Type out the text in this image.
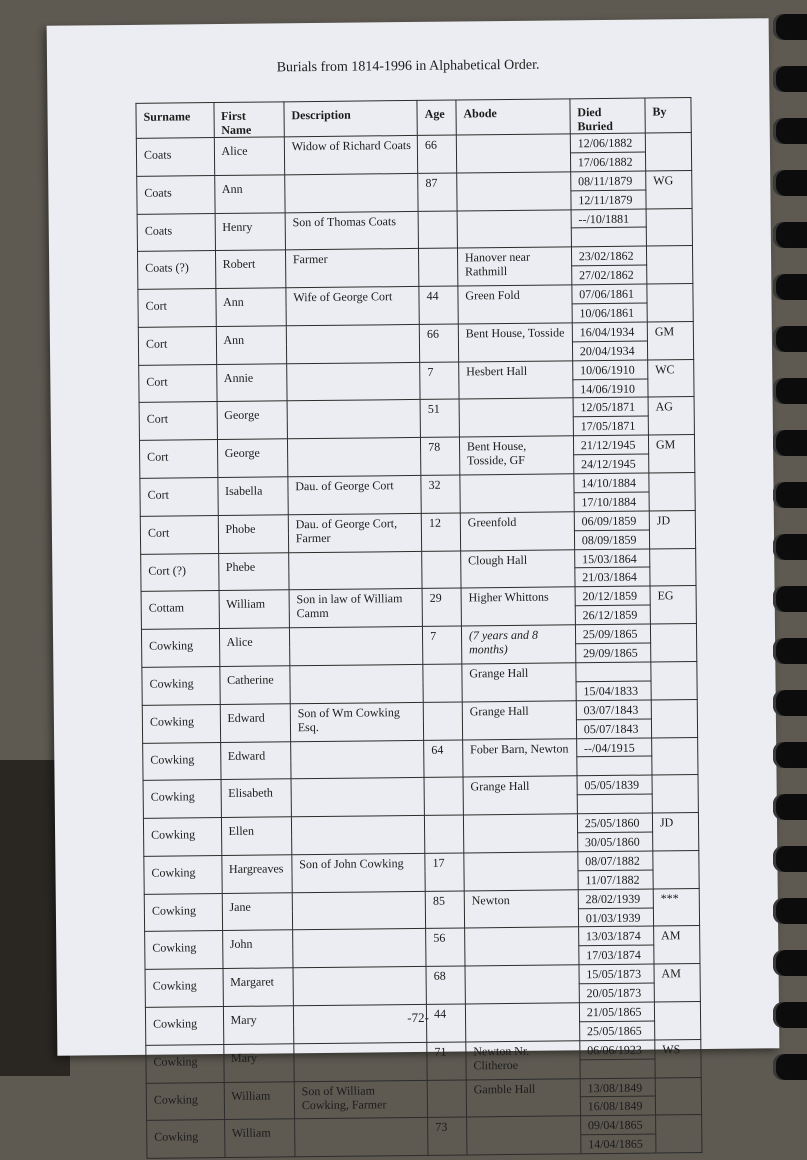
Burials from 1814-1996 in Alphabetical Order.
Surname	First Name	Description	Age	Abode	Died Buried	By
Coats	Alice	Widow of Richard Coats	66		12/06/1882	
					17/06/1882	
Coats	Ann		87		08/11/1879	WG
					12/11/1879	
Coats	Henry	Son of Thomas Coats			--/10/1881	

Coats (?)	Robert	Farmer		Hanover near Rathmill	23/02/1862	
					27/02/1862	
Cort	Ann	Wife of George Cort	44	Green Fold	07/06/1861	
					10/06/1861	
Cort	Ann		66	Bent House, Tosside	16/04/1934	GM
					20/04/1934	
Cort	Annie		7	Hesbert Hall	10/06/1910	WC
					14/06/1910	
Cort	George		51		12/05/1871	AG
					17/05/1871	
Cort	George		78	Bent House, Tosside, GF	21/12/1945	GM
					24/12/1945	
Cort	Isabella	Dau. of George Cort	32		14/10/1884	
					17/10/1884	
Cort	Phobe	Dau. of George Cort, Farmer	12	Greenfold	06/09/1859	JD
					08/09/1859	
Cort (?)	Phebe			Clough Hall	15/03/1864	
					21/03/1864	
Cottam	William	Son in law of William Camm	29	Higher Whittons	20/12/1859	EG
					26/12/1859	
Cowking	Alice		7	(7 years and 8 months)	25/09/1865	
					29/09/1865	
Cowking	Catherine			Grange Hall		
					15/04/1833	
Cowking	Edward	Son of Wm Cowking Esq.		Grange Hall	03/07/1843	
					05/07/1843	
Cowking	Edward		64	Fober Barn, Newton	--/04/1915	

Cowking	Elisabeth			Grange Hall	05/05/1839	

Cowking	Ellen				25/05/1860	JD
					30/05/1860	
Cowking	Hargreaves	Son of John Cowking	17		08/07/1882	
					11/07/1882	
Cowking	Jane		85	Newton	28/02/1939	***
					01/03/1939	
Cowking	John		56		13/03/1874	AM
					17/03/1874	
Cowking	Margaret		68		15/05/1873	AM
					20/05/1873	
Cowking	Mary		44		21/05/1865	
					25/05/1865	
Cowking	Mary		71	Newton Nr. Clitheroe	06/06/1923	WS

Cowking	William	Son of William Cowking, Farmer		Gamble Hall	13/08/1849	
					16/08/1849	
Cowking	William		73		09/04/1865	
					14/04/1865	
-72-
